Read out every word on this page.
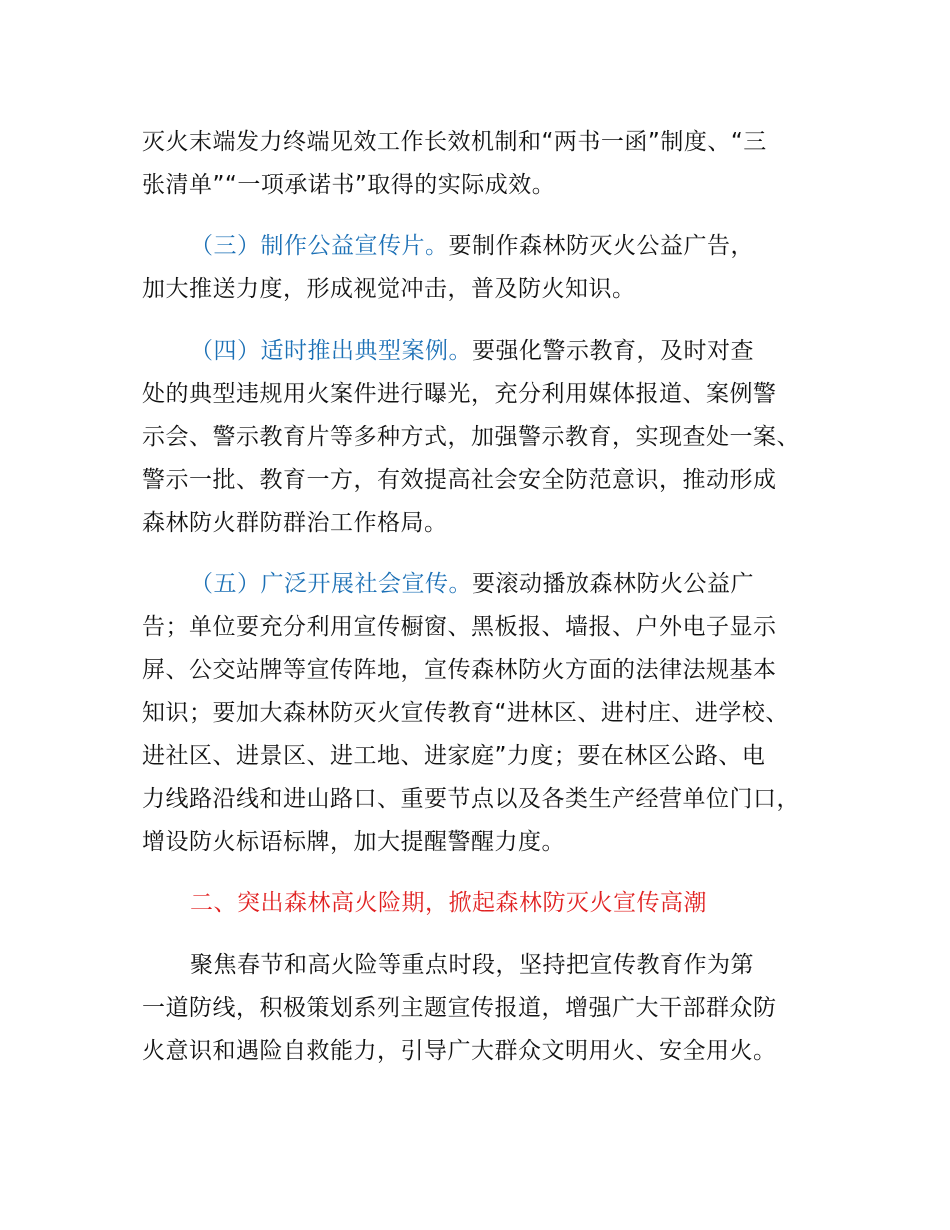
灭火末端发力终端见效工作长效机制和“两书一函”制度、“三
张清单”“一项承诺书”取得的实际成效。
（三）制作公益宣传片。要制作森林防灭火公益广告，
加大推送力度，形成视觉冲击，普及防火知识。
（四）适时推出典型案例。要强化警示教育，及时对查
处的典型违规用火案件进行曝光，充分利用媒体报道、案例警
示会、警示教育片等多种方式，加强警示教育，实现查处一案、
警示一批、教育一方，有效提高社会安全防范意识，推动形成
森林防火群防群治工作格局。
（五）广泛开展社会宣传。要滚动播放森林防火公益广
告；单位要充分利用宣传橱窗、黑板报、墙报、户外电子显示
屏、公交站牌等宣传阵地，宣传森林防火方面的法律法规基本
知识；要加大森林防灭火宣传教育“进林区、进村庄、进学校、
进社区、进景区、进工地、进家庭”力度；要在林区公路、电
力线路沿线和进山路口、重要节点以及各类生产经营单位门口，
增设防火标语标牌，加大提醒警醒力度。
二、突出森林高火险期，掀起森林防灭火宣传高潮
聚焦春节和高火险等重点时段，坚持把宣传教育作为第
一道防线，积极策划系列主题宣传报道，增强广大干部群众防
火意识和遇险自救能力，引导广大群众文明用火、安全用火。
